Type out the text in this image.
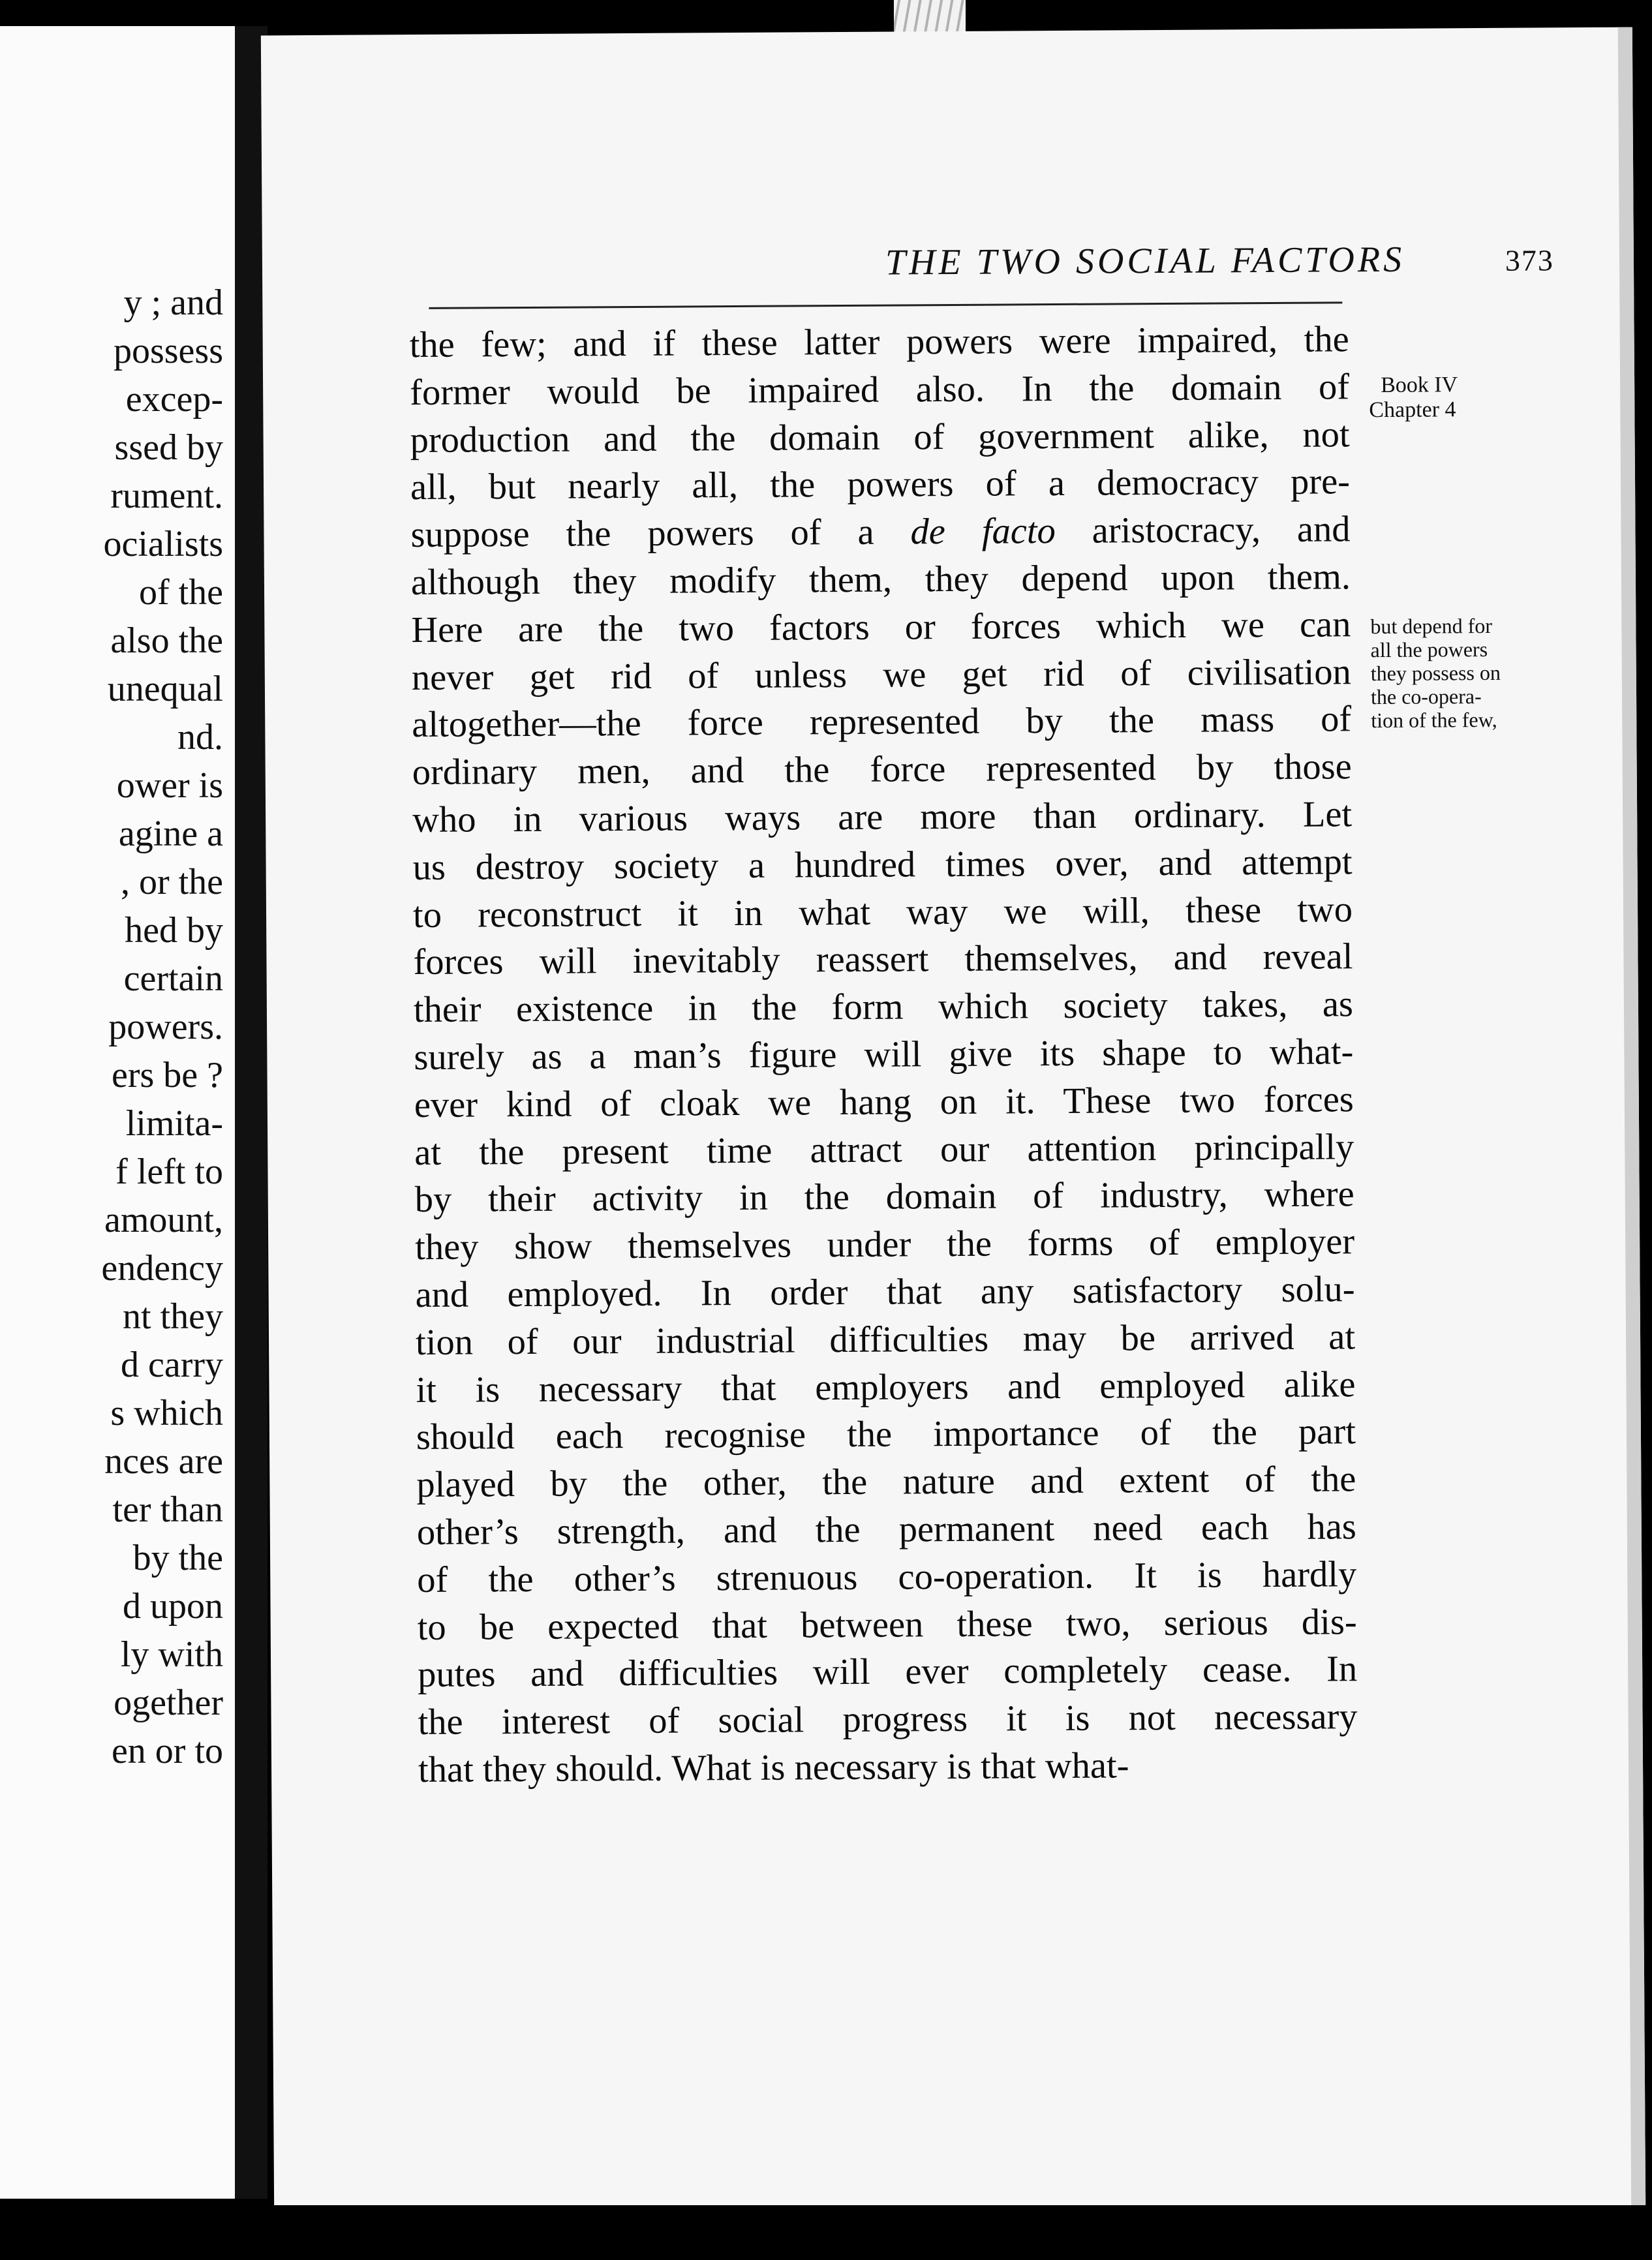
y ; and
possess
excep-
ssed by
rument.
ocialists
of the
also the
unequal
nd.
ower is
agine a
, or the
hed by
certain
powers.
ers be ?
limita-
f left to
amount,
endency
nt they
d carry
s which
nces are
ter than
by the
d upon
ly with
ogether
en or to
THE TWO SOCIAL FACTORS	373
the few; and if these latter powers were impaired, the
former would be impaired also. In the domain of
production and the domain of government alike, not
all, but nearly all, the powers of a democracy pre-
suppose the powers of a de facto aristocracy, and
although they modify them, they depend upon them.
Here are the two factors or forces which we can
never get rid of unless we get rid of civilisation
altogether—the force represented by the mass of
ordinary men, and the force represented by those
who in various ways are more than ordinary. Let
us destroy society a hundred times over, and attempt
to reconstruct it in what way we will, these two
forces will inevitably reassert themselves, and reveal
their existence in the form which society takes, as
surely as a man’s figure will give its shape to what-
ever kind of cloak we hang on it. These two forces
at the present time attract our attention principally
by their activity in the domain of industry, where
they show themselves under the forms of employer
and employed. In order that any satisfactory solu-
tion of our industrial difficulties may be arrived at
it is necessary that employers and employed alike
should each recognise the importance of the part
played by the other, the nature and extent of the
other’s strength, and the permanent need each has
of the other’s strenuous co-operation. It is hardly
to be expected that between these two, serious dis-
putes and difficulties will ever completely cease. In
the interest of social progress it is not necessary
that they should. What is necessary is that what-
Book IV
Chapter 4
but depend for
all the powers
they possess on
the co-opera-
tion of the few,
